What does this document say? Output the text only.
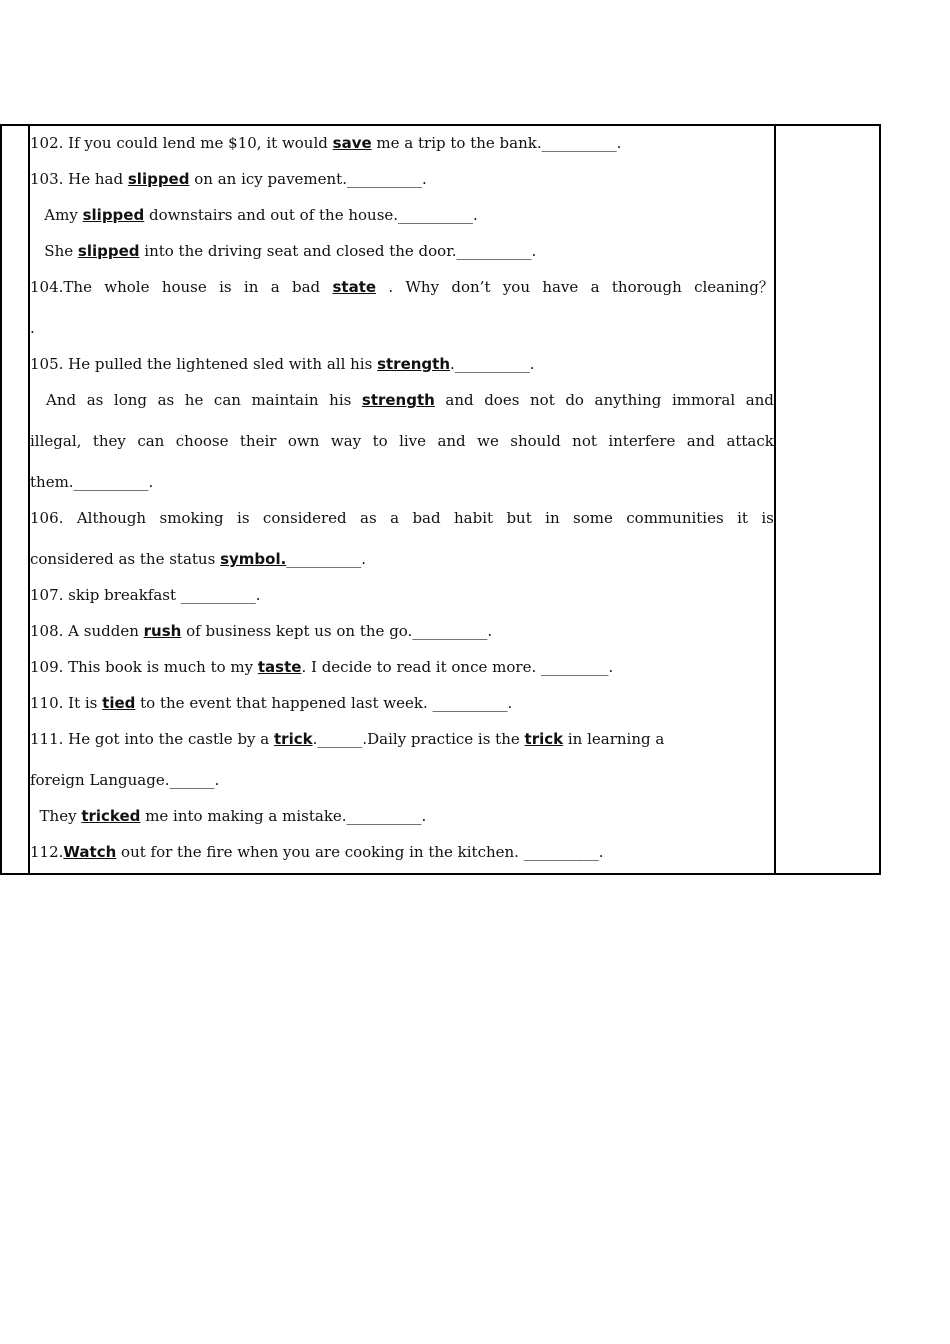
102. If you could lend me $10, it would save me a trip to the bank.__________.
103. He had slipped on an icy pavement.__________.
Amy slipped downstairs and out of the house.__________.
She slipped into the driving seat and closed the door.__________.
104.The whole house is in a bad state . Why don’t you have a thorough cleaning？
.
105. He pulled the lightened sled with all his strength.__________.
And as long as he can maintain his strength and does not do anything immoral and
illegal, they can choose their own way to live and we should not interfere and attack
them.__________.
106. Although smoking is considered as a bad habit but in some communities it is
considered as the status symbol.__________.
107. skip breakfast __________.
108. A sudden rush of business kept us on the go.__________.
109. This book is much to my taste. I decide to read it once more. _________.
110. It is tied to the event that happened last week. __________.
111. He got into the castle by a trick.______.Daily practice is the trick in learning a
foreign Language.______.
They tricked me into making a mistake.__________.
112.Watch out for the fire when you are cooking in the kitchen. __________.
